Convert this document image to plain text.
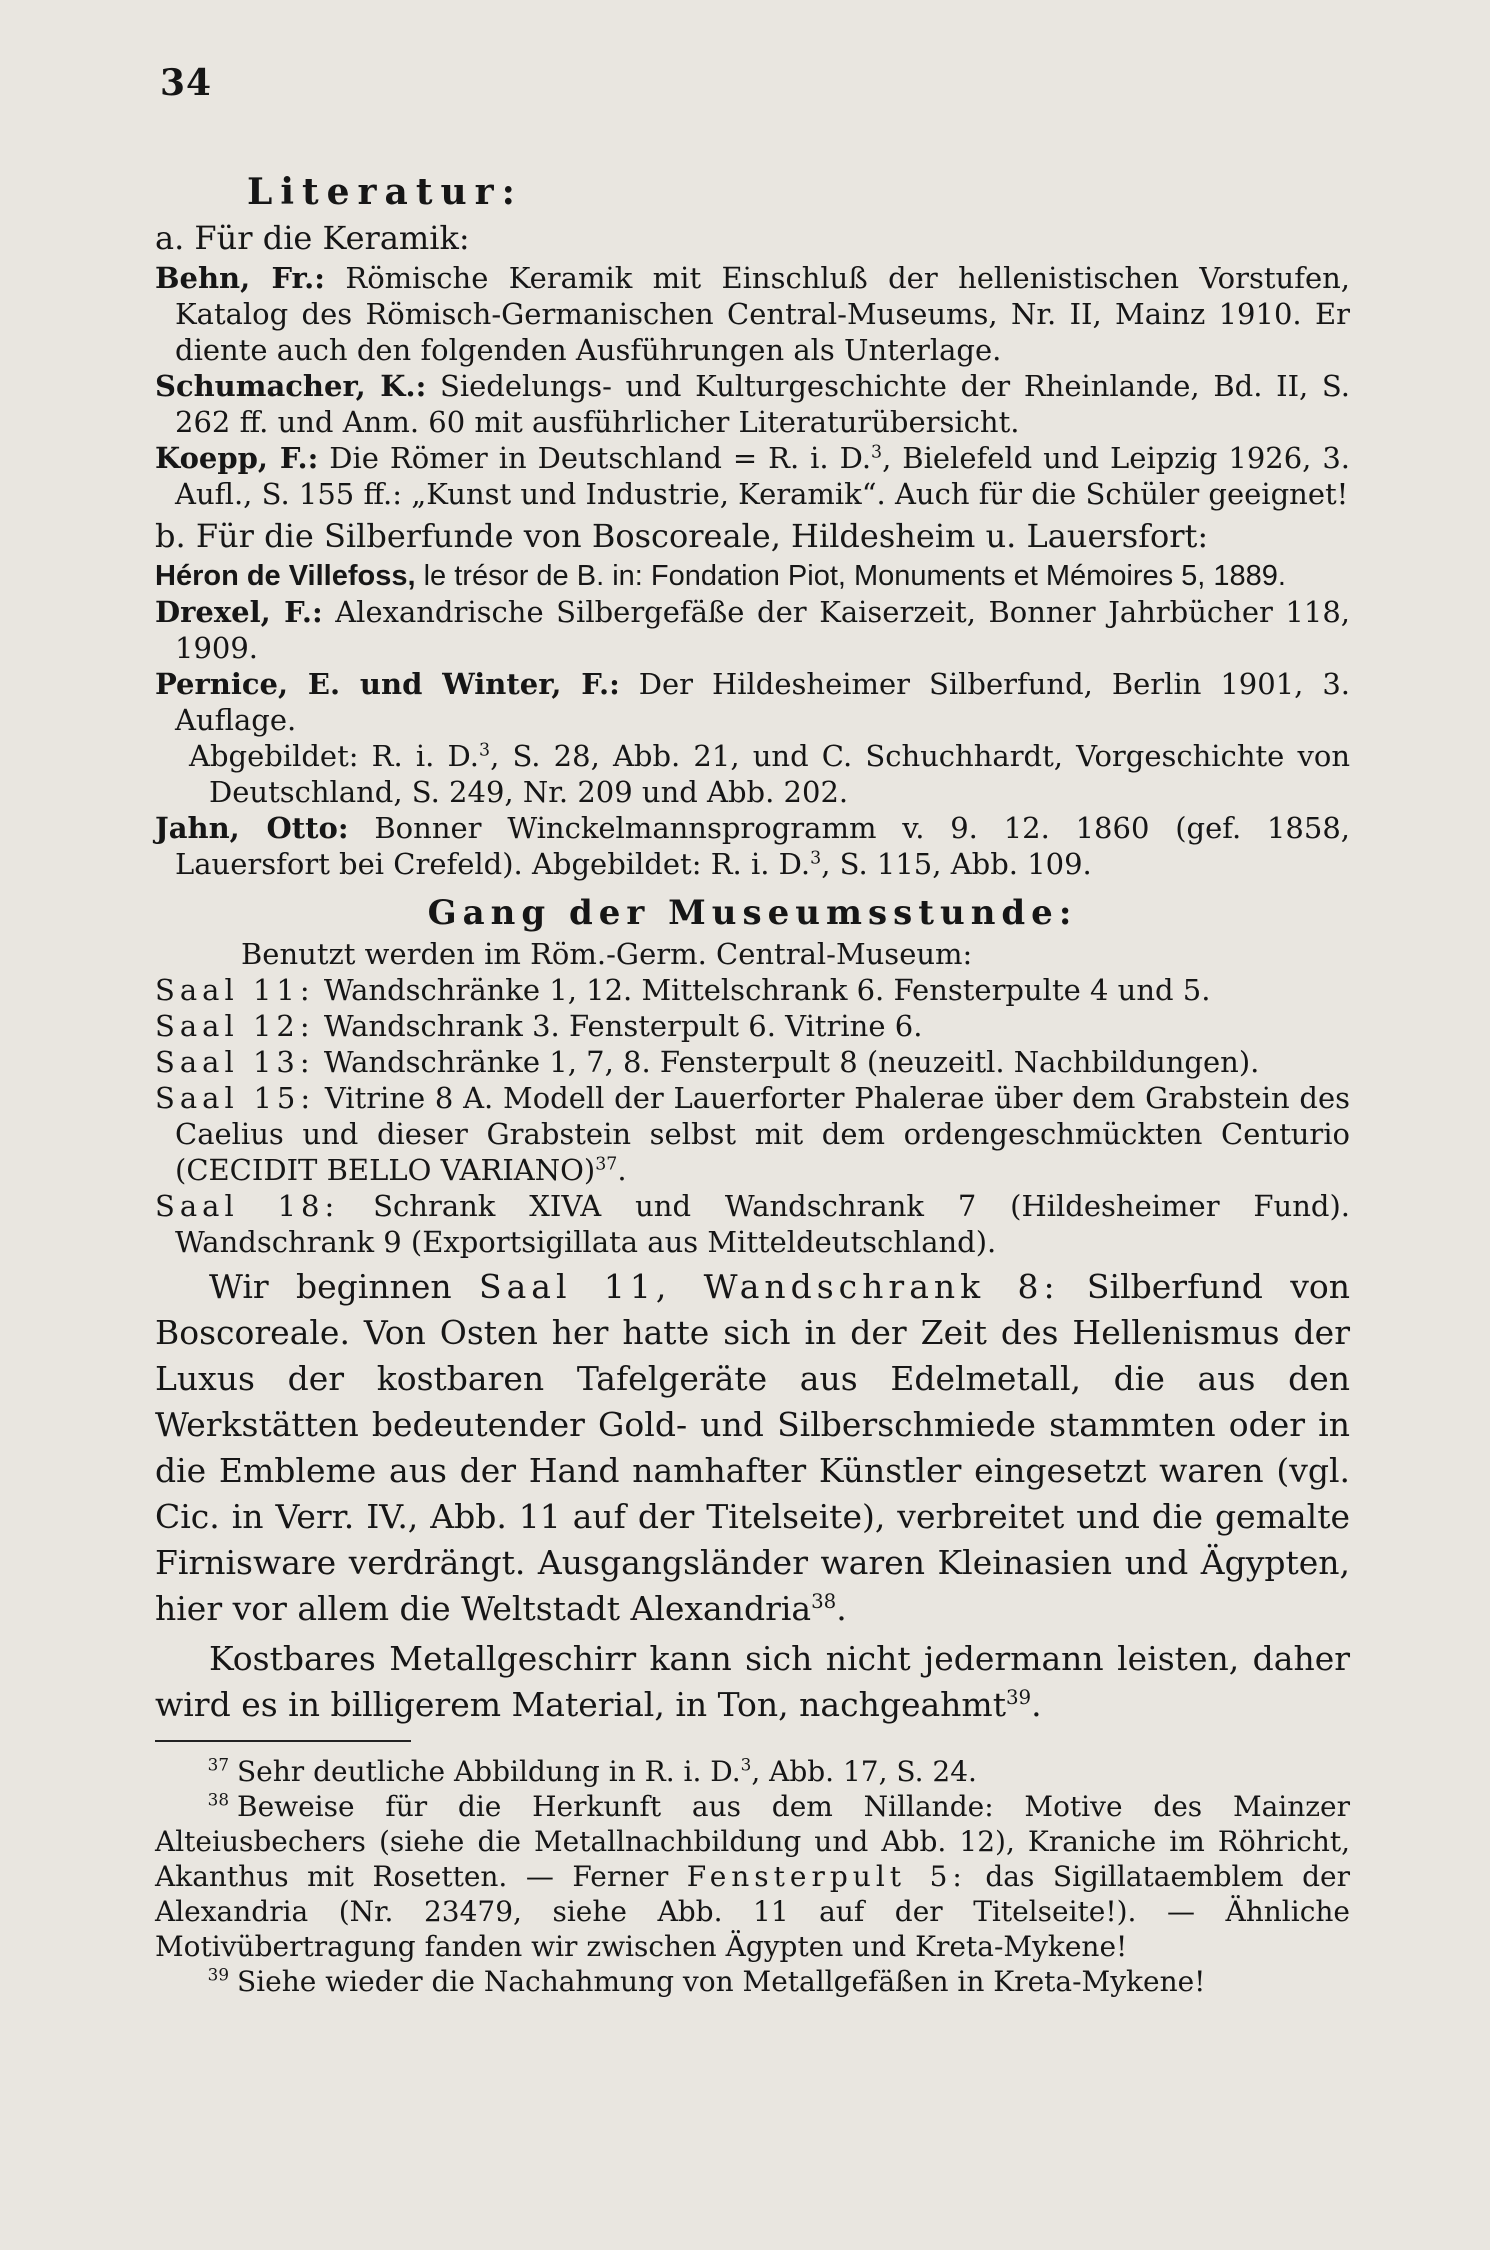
34
Literatur:
a. Für die Keramik:
Behn, Fr.: Römische Keramik mit Einschluß der hellenistischen Vorstufen, Katalog des Römisch-Germanischen Central-Museums, Nr. II, Mainz 1910. Er diente auch den folgenden Ausführungen als Unterlage.
Schumacher, K.: Siedelungs- und Kulturgeschichte der Rheinlande, Bd. II, S. 262 ff. und Anm. 60 mit ausführlicher Literaturübersicht.
Koepp, F.: Die Römer in Deutschland = R. i. D.$^3$, Bielefeld und Leipzig 1926, 3. Aufl., S. 155 ff.: „Kunst und Industrie, Keramik“. Auch für die Schüler geeignet!
b. Für die Silberfunde von Boscoreale, Hildesheim u. Lauersfort:
Héron de Villefoss, le trésor de B. in: Fondation Piot, Monuments et Mémoires 5, 1889.
Drexel, F.: Alexandrische Silbergefäße der Kaiserzeit, Bonner Jahrbücher 118, 1909.
Pernice, E. und Winter, F.: Der Hildesheimer Silberfund, Berlin 1901, 3. Auflage.
Abgebildet: R. i. D.$^3$, S. 28, Abb. 21, und C. Schuchhardt, Vorgeschichte von Deutschland, S. 249, Nr. 209 und Abb. 202.
Jahn, Otto: Bonner Winckelmannsprogramm v. 9. 12. 1860 (gef. 1858, Lauersfort bei Crefeld). Abgebildet: R. i. D.$^3$, S. 115, Abb. 109.
Gang der Museumsstunde:
Benutzt werden im Röm.-Germ. Central-Museum:
Saal 11: Wandschränke 1, 12. Mittelschrank 6. Fensterpulte 4 und 5.
Saal 12: Wandschrank 3. Fensterpult 6. Vitrine 6.
Saal 13: Wandschränke 1, 7, 8. Fensterpult 8 (neuzeitl. Nachbildungen).
Saal 15: Vitrine 8 A. Modell der Lauerforter Phalerae über dem Grabstein des Caelius und dieser Grabstein selbst mit dem ordengeschmückten Centurio (CECIDIT BELLO VARIANO)$^{37}$.
Saal 18: Schrank XIVA und Wandschrank 7 (Hildesheimer Fund). Wandschrank 9 (Exportsigillata aus Mitteldeutschland).
Wir beginnen Saal 11, Wandschrank 8: Silberfund von Boscoreale. Von Osten her hatte sich in der Zeit des Hellenismus der Luxus der kostbaren Tafelgeräte aus Edelmetall, die aus den Werkstätten bedeutender Gold- und Silberschmiede stammten oder in die Embleme aus der Hand namhafter Künstler eingesetzt waren (vgl. Cic. in Verr. IV., Abb. 11 auf der Titelseite), verbreitet und die gemalte Firnisware verdrängt. Ausgangsländer waren Kleinasien und Ägypten, hier vor allem die Weltstadt Alexandria$^{38}$.
Kostbares Metallgeschirr kann sich nicht jedermann leisten, daher wird es in billigerem Material, in Ton, nachgeahmt$^{39}$.
$^{37}$ Sehr deutliche Abbildung in R. i. D.$^3$, Abb. 17, S. 24.
$^{38}$ Beweise für die Herkunft aus dem Nillande: Motive des Mainzer Alteiusbechers (siehe die Metallnachbildung und Abb. 12), Kraniche im Röhricht, Akanthus mit Rosetten. — Ferner Fensterpult 5: das Sigillataemblem der Alexandria (Nr. 23479, siehe Abb. 11 auf der Titelseite!). — Ähnliche Motivübertragung fanden wir zwischen Ägypten und Kreta-Mykene!
$^{39}$ Siehe wieder die Nachahmung von Metallgefäßen in Kreta-Mykene!
